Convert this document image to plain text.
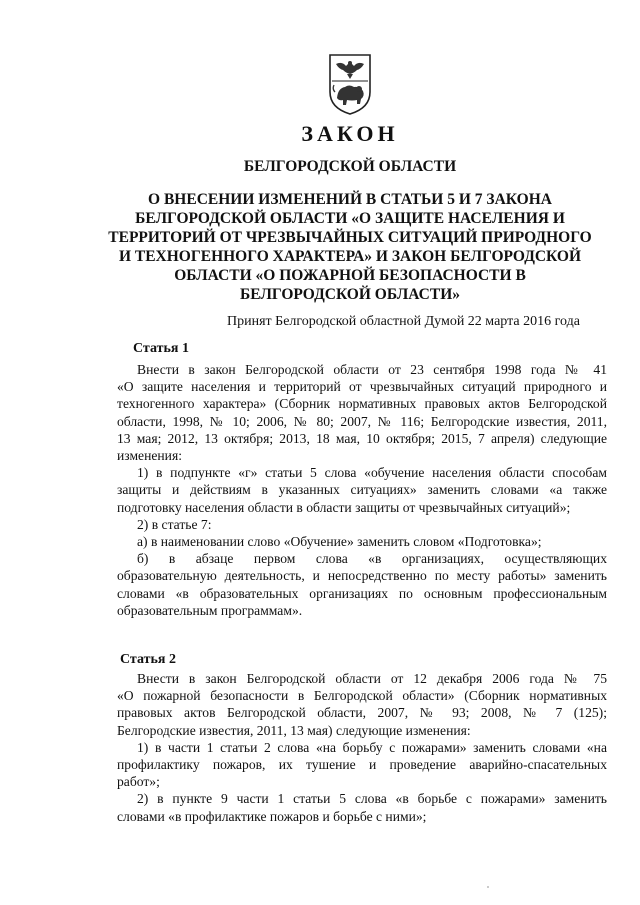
ЗАКОН
БЕЛГОРОДСКОЙ ОБЛАСТИ
О ВНЕСЕНИИ ИЗМЕНЕНИЙ В СТАТЬИ 5 И 7 ЗАКОНА
БЕЛГОРОДСКОЙ ОБЛАСТИ «О ЗАЩИТЕ НАСЕЛЕНИЯ И
ТЕРРИТОРИЙ ОТ ЧРЕЗВЫЧАЙНЫХ СИТУАЦИЙ ПРИРОДНОГО
И ТЕХНОГЕННОГО ХАРАКТЕРА» И ЗАКОН БЕЛГОРОДСКОЙ
ОБЛАСТИ «О ПОЖАРНОЙ БЕЗОПАСНОСТИ В
БЕЛГОРОДСКОЙ ОБЛАСТИ»
Принят Белгородской областной Думой 22 марта 2016 года
Статья 1
Внести в закон Белгородской области от 23 сентября 1998 года № 41
«О защите населения и территорий от чрезвычайных ситуаций природного и
техногенного характера» (Сборник нормативных правовых актов Белгородской
области, 1998, № 10; 2006, № 80; 2007, № 116; Белгородские известия, 2011,
13 мая; 2012, 13 октября; 2013, 18 мая, 10 октября; 2015, 7 апреля) следующие
изменения:
1) в подпункте «г» статьи 5 слова «обучение населения области способам
защиты и действиям в указанных ситуациях» заменить словами «а также
подготовку населения области в области защиты от чрезвычайных ситуаций»;
2) в статье 7:
а) в наименовании слово «Обучение» заменить словом «Подготовка»;
б) в абзаце первом слова «в организациях, осуществляющих
образовательную деятельность, и непосредственно по месту работы» заменить
словами «в образовательных организациях по основным профессиональным
образовательным программам».
Статья 2
Внести в закон Белгородской области от 12 декабря 2006 года № 75
«О пожарной безопасности в Белгородской области» (Сборник нормативных
правовых актов Белгородской области, 2007, № 93; 2008, № 7 (125);
Белгородские известия, 2011, 13 мая) следующие изменения:
1) в части 1 статьи 2 слова «на борьбу с пожарами» заменить словами «на
профилактику пожаров, их тушение и проведение аварийно-спасательных
работ»;
2) в пункте 9 части 1 статьи 5 слова «в борьбе с пожарами» заменить
словами «в профилактике пожаров и борьбе с ними»;
